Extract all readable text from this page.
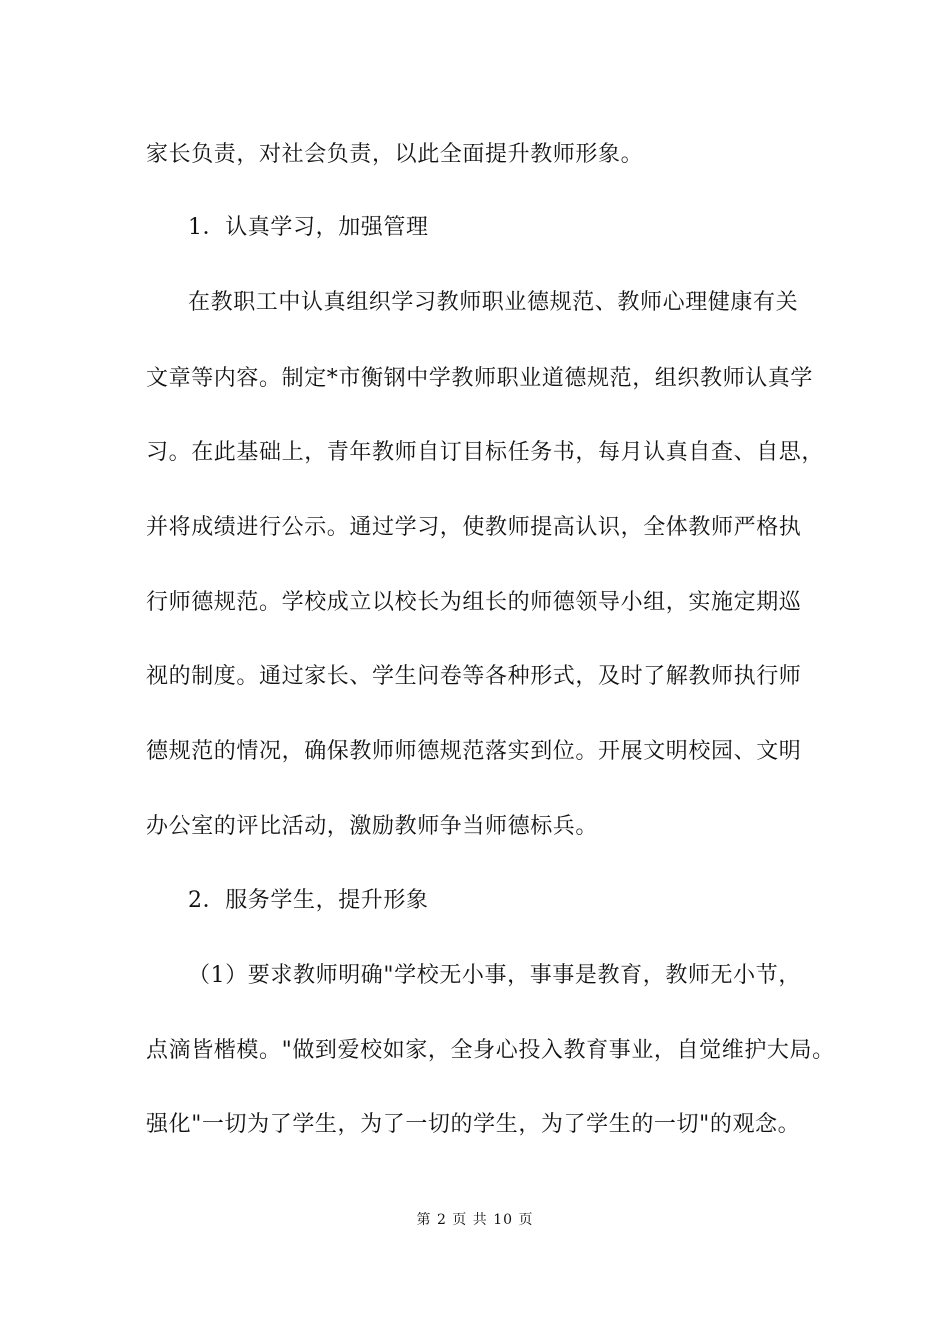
家长负责，对社会负责，以此全面提升教师形象。
1．认真学习，加强管理
在教职工中认真组织学习教师职业德规范、教师心理健康有关
文章等内容。制定*市衡钢中学教师职业道德规范，组织教师认真学
习。在此基础上，青年教师自订目标任务书，每月认真自查、自思，
并将成绩进行公示。通过学习，使教师提高认识，全体教师严格执
行师德规范。学校成立以校长为组长的师德领导小组，实施定期巡
视的制度。通过家长、学生问卷等各种形式，及时了解教师执行师
德规范的情况，确保教师师德规范落实到位。开展文明校园、文明
办公室的评比活动，激励教师争当师德标兵。
2．服务学生，提升形象
（1）要求教师明确"学校无小事，事事是教育，教师无小节，
点滴皆楷模。"做到爱校如家，全身心投入教育事业，自觉维护大局。
强化"一切为了学生，为了一切的学生，为了学生的一切"的观念。
第 2 页 共 10 页
